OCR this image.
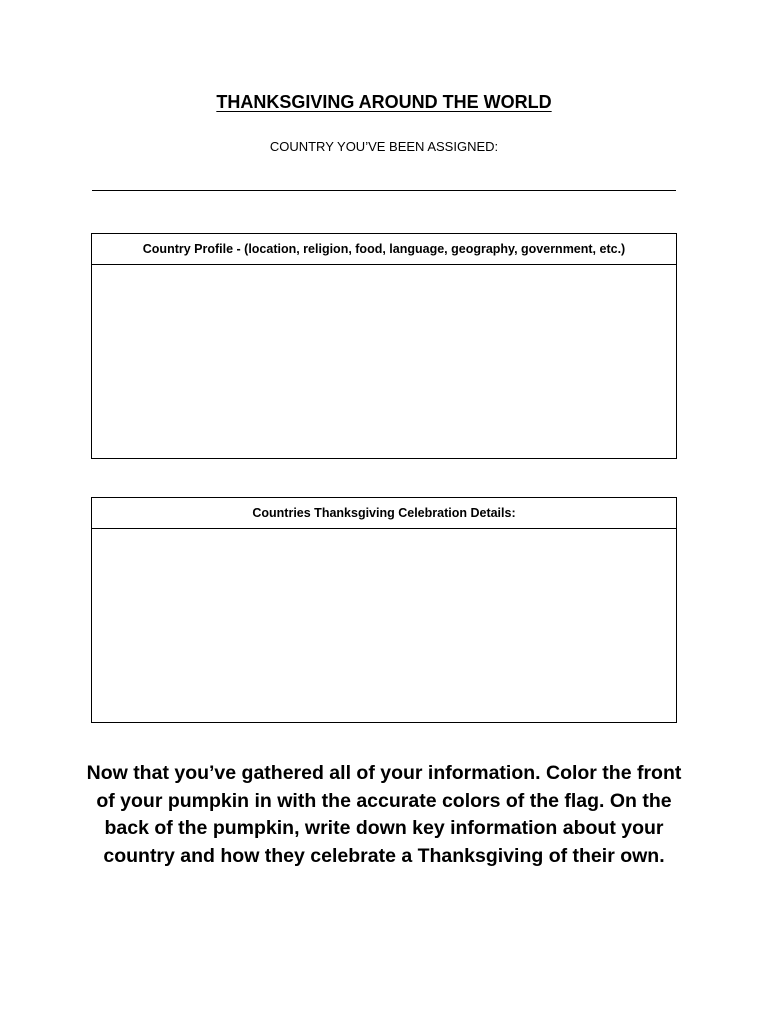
THANKSGIVING AROUND THE WORLD
COUNTRY YOU’VE BEEN ASSIGNED:
Country Profile - (location, religion, food, language, geography, government, etc.)
Countries Thanksgiving Celebration Details:
Now that you’ve gathered all of your information. Color the front of your pumpkin in with the accurate colors of the flag. On the back of the pumpkin, write down key information about your country and how they celebrate a Thanksgiving of their own.
